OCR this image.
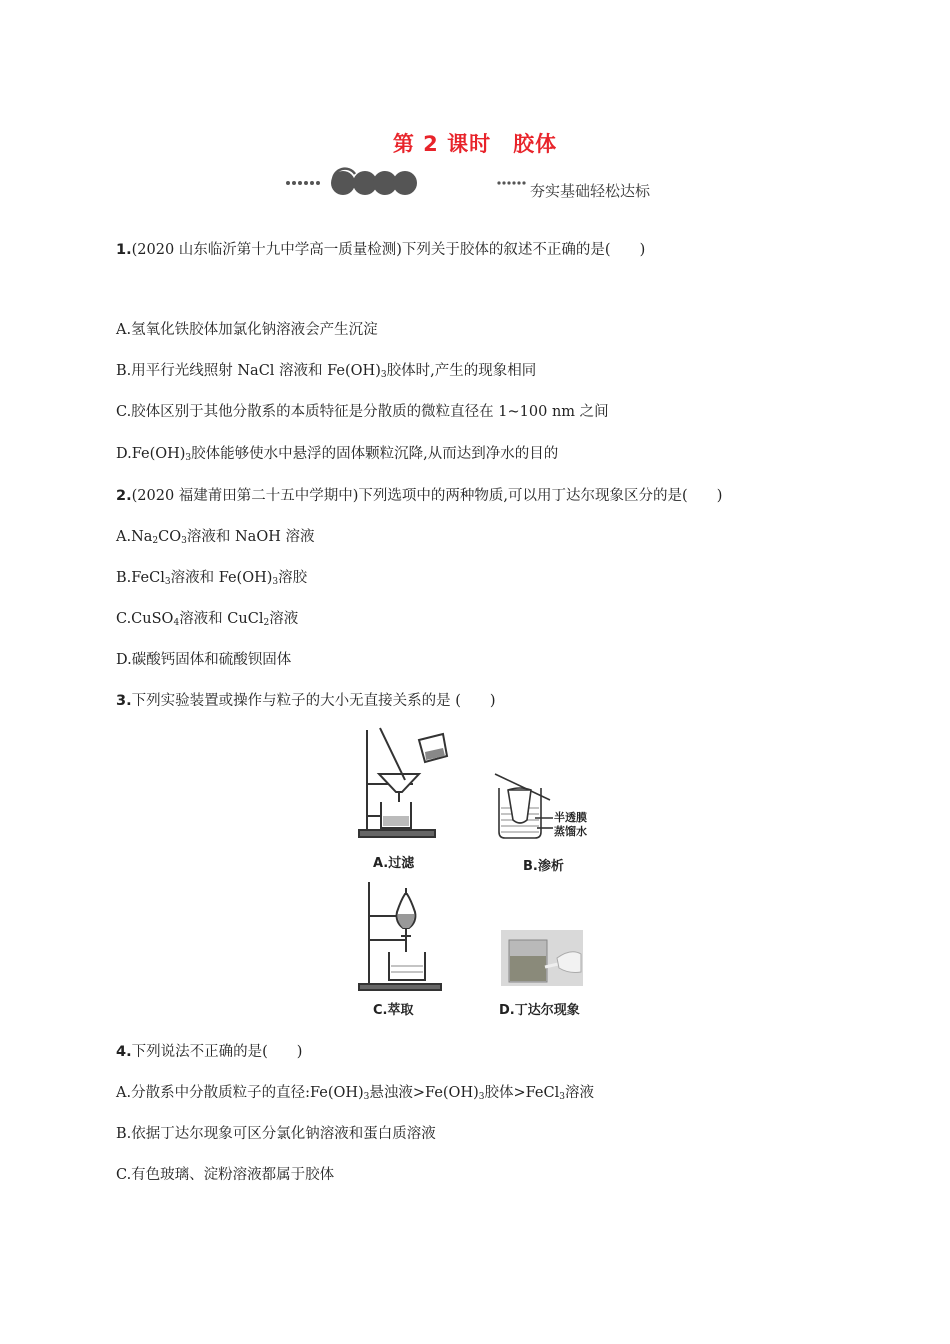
第 2 课时　胶体
夯实基础轻松达标
1.(2020 山东临沂第十九中学高一质量检测)下列关于胶体的叙述不正确的是(　　)
A.氢氧化铁胶体加氯化钠溶液会产生沉淀
B.用平行光线照射 NaCl 溶液和 $Fe(OH)_3$胶体时,产生的现象相同
C.胶体区别于其他分散系的本质特征是分散质的微粒直径在 1~100 nm 之间
$D.Fe(OH)_3$胶体能够使水中悬浮的固体颗粒沉降,从而达到净水的目的
2.(2020 福建莆田第二十五中学期中)下列选项中的两种物质,可以用丁达尔现象区分的是(　　)
$A.Na_2CO_3$溶液和 NaOH 溶液
B.FeCl$_3$溶液和 $Fe(OH)_3$溶胶
C.CuSO$_4$溶液和 CuCl$_2$溶液
D.碳酸钙固体和硫酸钡固体
3.下列实验装置或操作与粒子的大小无直接关系的是 (　　)
A.过滤
半透膜
蒸馏水
B.渗析
C.萃取	D.丁达尔现象
4.下列说法不正确的是(　　)
A.分散系中分散质粒子的直径$:Fe(OH)_3$悬浊液$>Fe(OH)_3$胶体>FeCl$_3$溶液
B.依据丁达尔现象可区分氯化钠溶液和蛋白质溶液
C.有色玻璃、淀粉溶液都属于胶体
